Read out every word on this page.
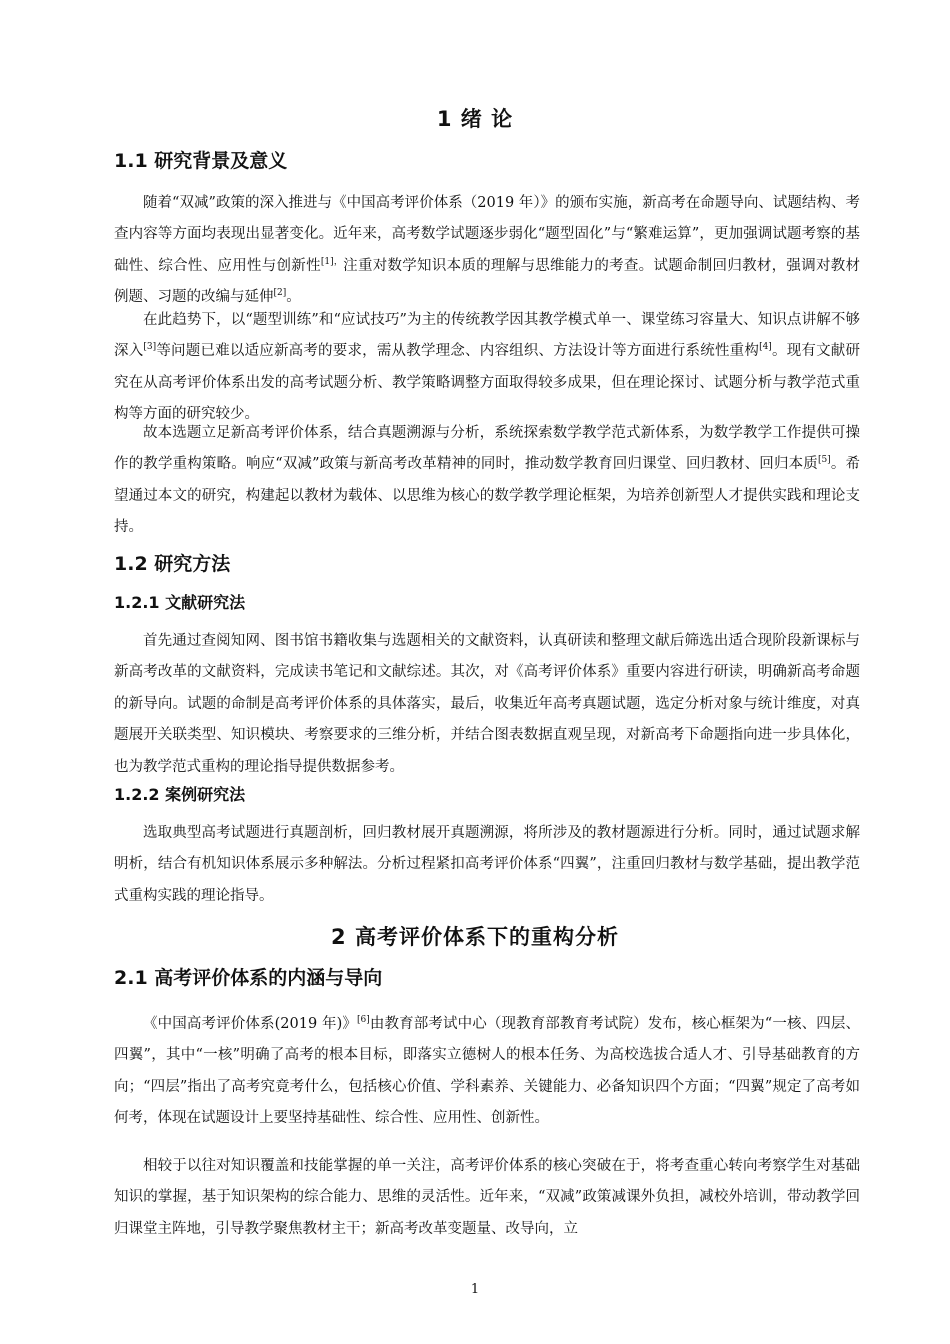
1 绪 论
1.1 研究背景及意义

随着“双减”政策的深入推进与《中国高考评价体系（2019 年）》的颁布实施，新高考在命题导向、试题结构、考查内容等方面均表现出显著变化。近年来，高考数学试题逐步弱化“题型固化”与“繁难运算”，更加强调试题考察的基础性、综合性、应用性与创新性$^{[1],}$注重对数学知识本质的理解与思维能力的考查。试题命制回归教材，强调对教材例题、习题的改编与延伸[2]。

在此趋势下，以“题型训练”和“应试技巧”为主的传统教学因其教学模式单一、课堂练习容量大、知识点讲解不够深入[3]等问题已难以适应新高考的要求，需从教学理念、内容组织、方法设计等方面进行系统性重构[4]。现有文献研究在从高考评价体系出发的高考试题分析、教学策略调整方面取得较多成果，但在理论探讨、试题分析与教学范式重构等方面的研究较少。

故本选题立足新高考评价体系，结合真题溯源与分析，系统探索数学教学范式新体系，为数学教学工作提供可操作的教学重构策略。响应“双减”政策与新高考改革精神的同时，推动数学教育回归课堂、回归教材、回归本质[5]。希望通过本文的研究，构建起以教材为载体、以思维为核心的数学教学理论框架，为培养创新型人才提供实践和理论支持。

1.2 研究方法
1.2.1 文献研究法

首先通过查阅知网、图书馆书籍收集与选题相关的文献资料，认真研读和整理文献后筛选出适合现阶段新课标与新高考改革的文献资料，完成读书笔记和文献综述。其次，对《高考评价体系》重要内容进行研读，明确新高考命题的新导向。试题的命制是高考评价体系的具体落实，最后，收集近年高考真题试题，选定分析对象与统计维度，对真题展开关联类型、知识模块、考察要求的三维分析，并结合图表数据直观呈现，对新高考下命题指向进一步具体化，也为教学范式重构的理论指导提供数据参考。

1.2.2 案例研究法

选取典型高考试题进行真题剖析，回归教材展开真题溯源，将所涉及的教材题源进行分析。同时，通过试题求解明析，结合有机知识体系展示多种解法。分析过程紧扣高考评价体系“四翼”，注重回归教材与数学基础，提出教学范式重构实践的理论指导。

2 高考评价体系下的重构分析
2.1 高考评价体系的内涵与导向

《中国高考评价体系(2019 年)》[6]由教育部考试中心（现教育部教育考试院）发布，核心框架为“一核、四层、四翼”，其中“一核”明确了高考的根本目标，即落实立德树人的根本任务、为高校选拔合适人才、引导基础教育的方向；“四层”指出了高考究竟考什么，包括核心价值、学科素养、关键能力、必备知识四个方面；“四翼”规定了高考如何考，体现在试题设计上要坚持基础性、综合性、应用性、创新性。

相较于以往对知识覆盖和技能掌握的单一关注，高考评价体系的核心突破在于，将考查重心转向考察学生对基础知识的掌握，基于知识架构的综合能力、思维的灵活性。近年来，“双减”政策减课外负担，减校外培训，带动教学回归课堂主阵地，引导教学聚焦教材主干；新高考改革变题量、改导向，立

1
